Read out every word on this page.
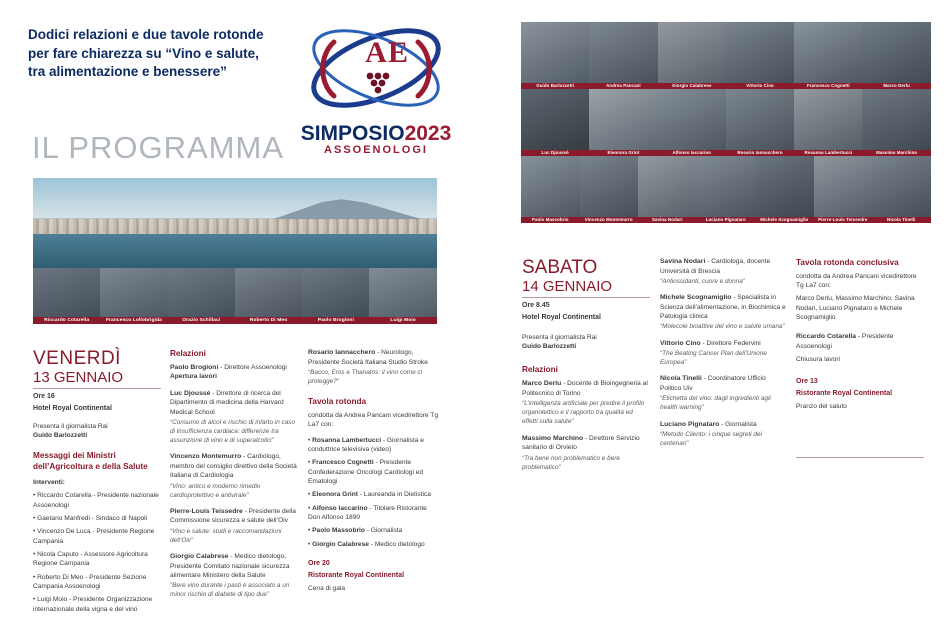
Dodici relazioni e due tavole rotonde per fare chiarezza su “Vino e salute, tra alimentazione e benessere”
IL PROGRAMMA
A E
SIMPOSIO2023
ASSOENOLOGI
Riccardo Cotarella	Francesco Lollobrigida	Orazio Schillaci	Roberto Di Meo	Paolo Brogioni	Luigi Moio
VENERDÌ
13 GENNAIO
Ore 16
Hotel Royal Continental
Presenta il giornalista Rai
Guido Barlozzetti
Messaggi dei Ministri dell’Agricoltura e della Salute
Interventi:
• Riccardo Cotarella - Presidente nazionale Assoenologi
• Gaetano Manfredi - Sindaco di Napoli
• Vincenzo De Luca - Presidente Regione Campania
• Nicola Caputo - Assessore Agricoltura Regione Campania
• Roberto Di Meo - Presidente Sezione Campania Assoenologi
• Luigi Moio - Presidente Organizzazione internazionale della vigna e del vino
Relazioni
Paolo Brogioni - Direttore Assoenologi
Apertura lavori
Luc Djoussé - Direttore di ricerca del Dipartimento di medicina della Harvard Medical School
“Consumo di alcol e rischio di infarto in caso di insufficienza cardiaca: differenze tra assunzione di vino e di superalcolici”
Vincenzo Montemurro - Cardiologo, membro del consiglio direttivo della Società Italiana di Cardiologia
“Vino: antico e moderno rimedio cardioprotettivo e antivirale”
Pierre-Louis Teissedre - Presidente della Commissione sicurezza e salute dell’Oiv
“Vino e salute: studi e raccomandazioni dell’Oiv”
Giorgio Calabrese - Medico dietologo, Presidente Comitato nazionale sicurezza alimentare Ministero della Salute
“Bere vino durante i pasti è associato a un minor rischio di diabete di tipo due”
Rosario Iannacchero - Neurologo, Presidente Società Italiana Studio Stroke
“Bacco, Eros e Thanatos: il vino come ci protegge?”
Tavola rotonda
condotta da Andrea Pancani vicedirettore Tg La7 con:
• Rosanna Lambertucci - Giornalista e conduttrice televisiva (video)
• Francesco Cognetti - Presidente Confederazione Oncologi Cardiologi ed Ematologi
• Eleonora Grint - Laureanda in Dietistica
• Alfonso Iaccarino - Titolare Ristorante Don Alfonso 1890
• Paolo Massobrio - Giornalista
• Giorgio Calabrese - Medico dietologo
Ore 20
Ristorante Royal Continental
Cena di gala
Guido Barlozzetti	Andrea Pancani	Giorgio Calabrese	Vittorio Cino	Francesco Cognetti	Marco Derlu
Luc Djoussè	Eleonora Grint	Alfonso Iaccarino	Rosario Iannacchero	Rosanna Lambertucci	Massimo Marchino
Paolo Massobrio	Vincenzo Montemurro	Savina Nodari	Luciano Pignataro	Michele Scognamiglio	Pierre-Louis Teissedre	Nicola Tinelli
SABATO
14 GENNAIO
Ore 8.45
Hotel Royal Continental
Presenta il giornalista Rai
Guido Barlozzetti
Relazioni
Marco Derlu - Docente di Bioingegneria al Politecnico di Torino
“L’intelligenza artificiale per predire il profilo organolettico e il rapporto tra qualità ed effetti sulla salute”
Massimo Marchino - Direttore Servizio sanitario di Orvieto
“Tra bene non problematico e bere problematico”
Savina Nodari - Cardiologa, docente Università di Brescia
“Antiossidanti, cuore e donna”
Michele Scognamiglio - Specialista in Scienza dell’alimentazione, in Biochimica e Patologia clinica
“Molecole bioattive del vino e salute umana”
Vittorio Cino - Direttore Federvini
“The Beating Cancer Plan dell’Unione Europea”
Nicola Tinelli - Coordinatore Ufficio Politico Uiv
“Etichetta del vino: dagli ingredienti agli health warning”
Luciano Pignataro - Giornalista
“Metodo Cilento: i cinque segreti dei centenari”
Tavola rotonda conclusiva
condotta da Andrea Pancani vicedirettore Tg La7 con:
Marco Derlu, Massimo Marchino, Savina Nodari, Luciano Pignataro e Michele Scognamiglio
Riccardo Cotarella - Presidente Assoenologi
Chiusura lavori
Ore 13
Ristorante Royal Continental
Pranzo del saluto
